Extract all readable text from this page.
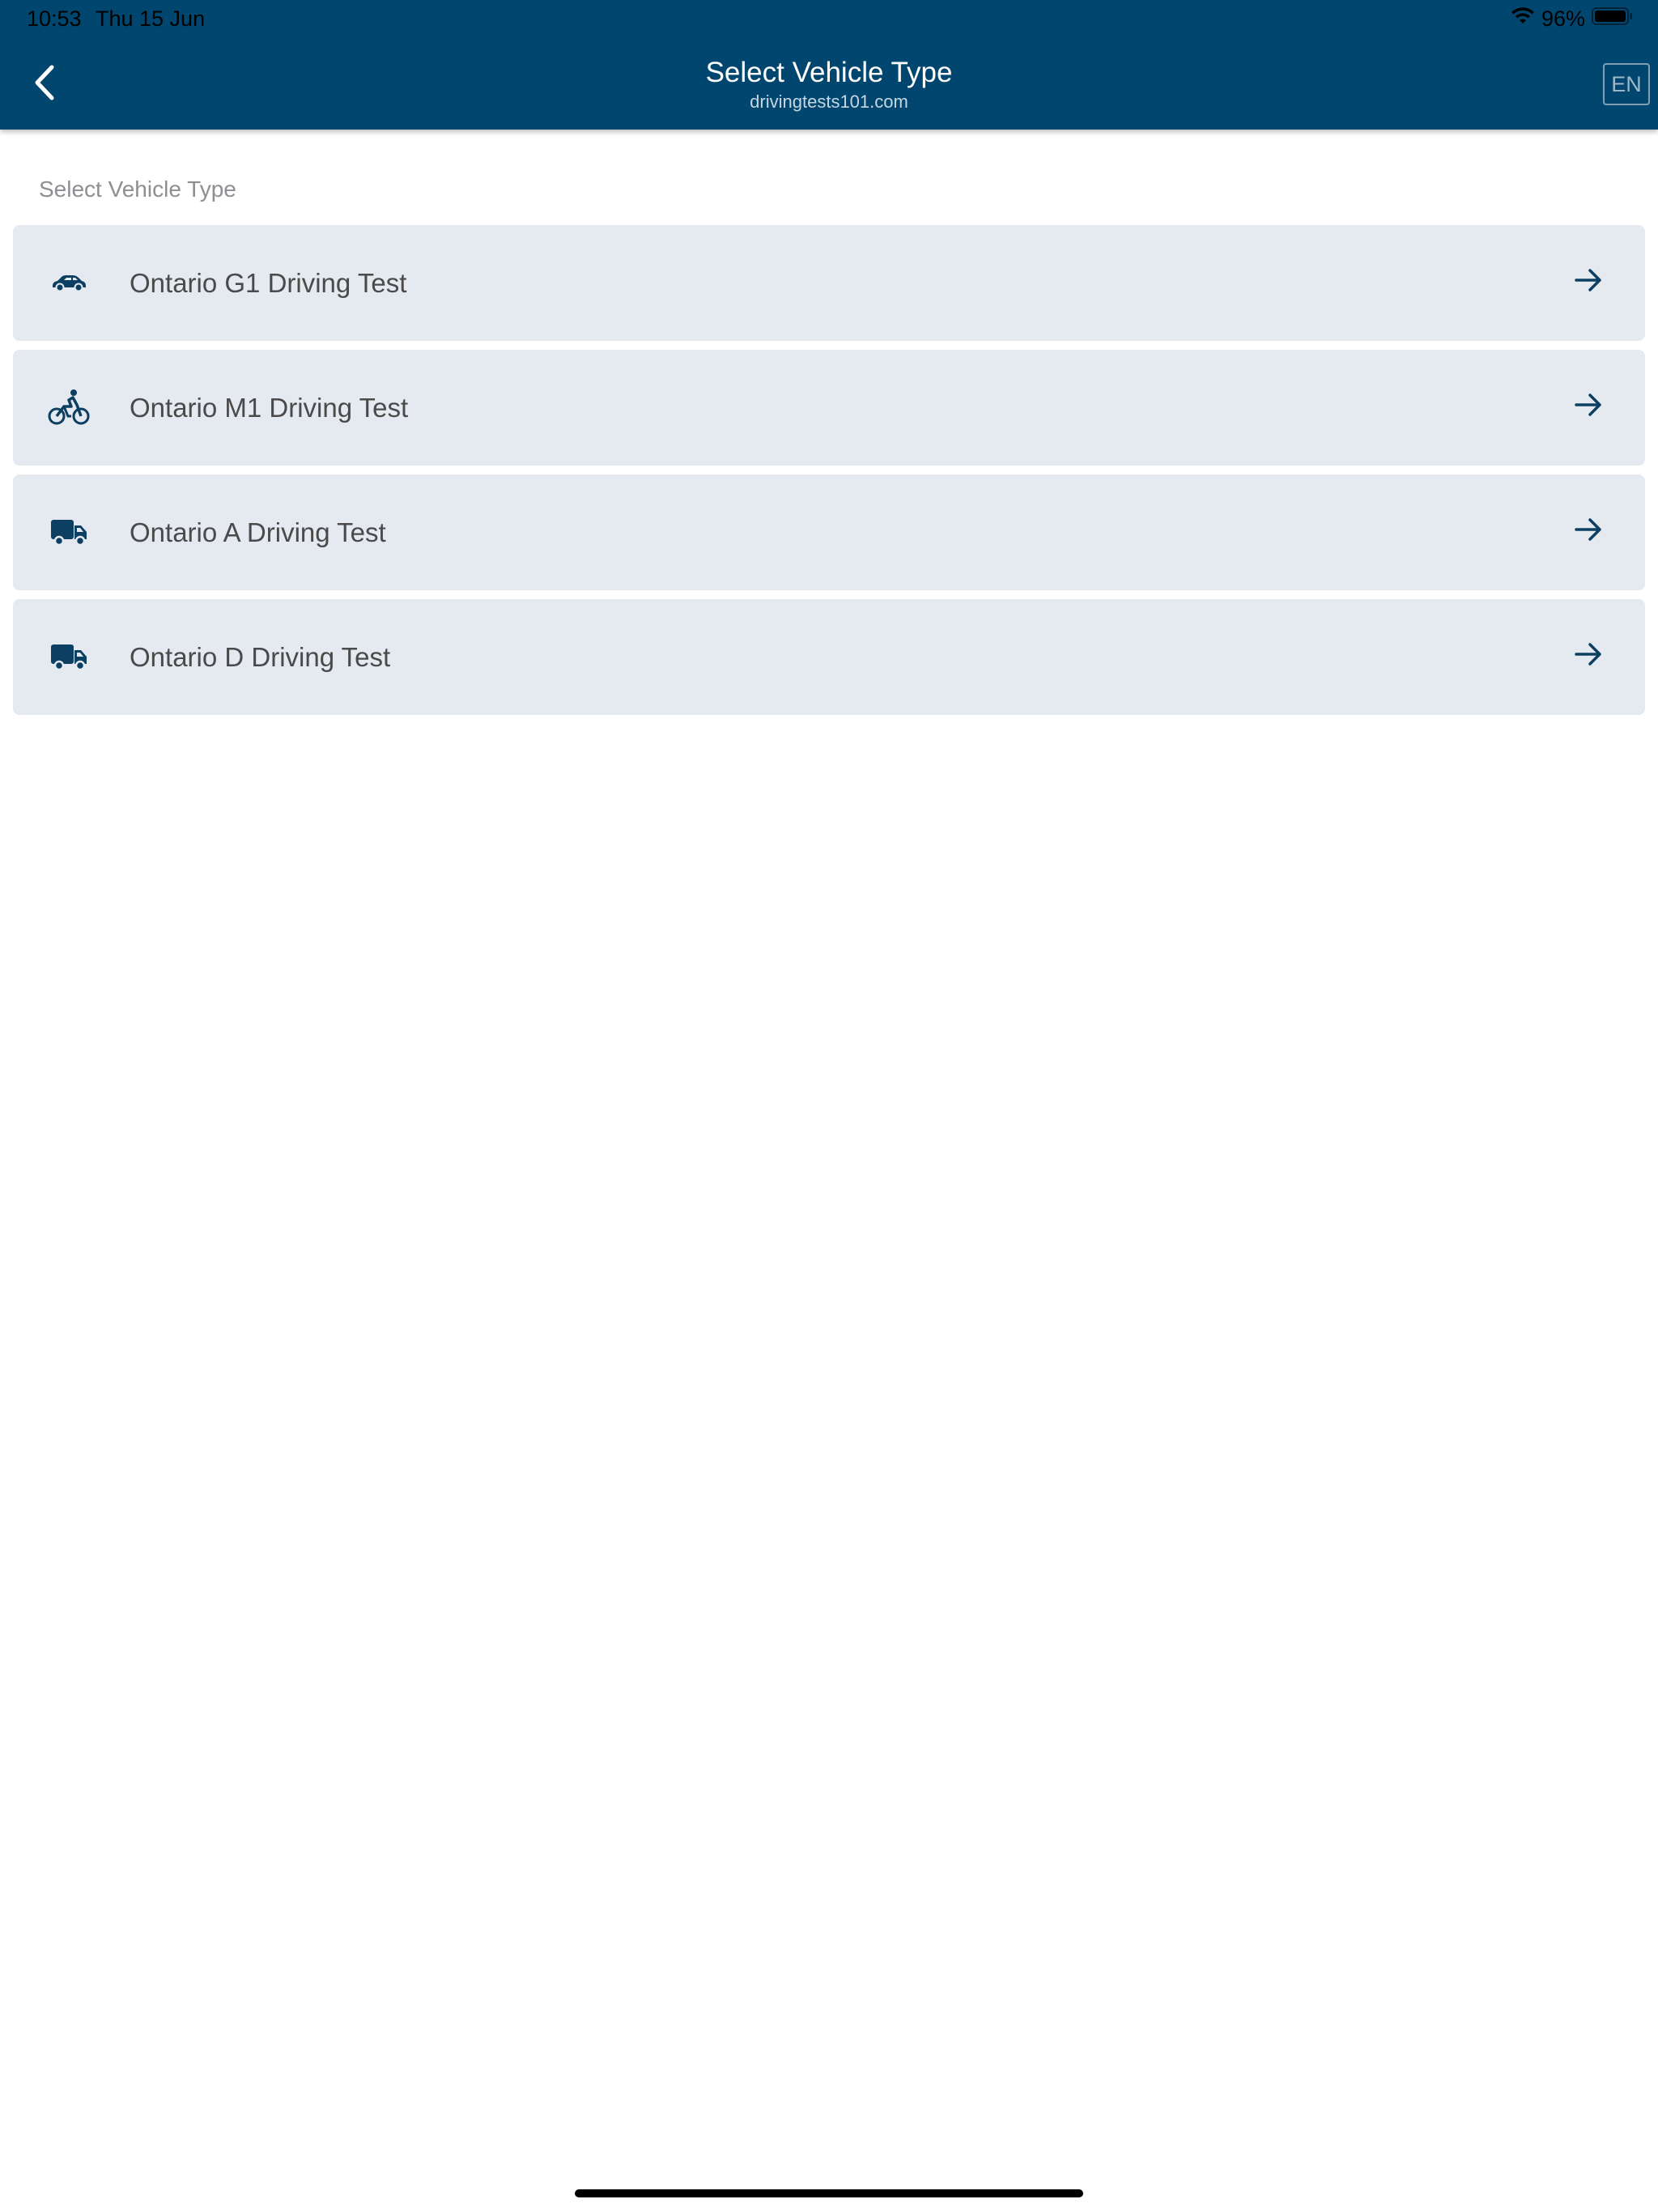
10:53 Thu 15 Jun	96%
Select Vehicle Type
drivingtests101.com
EN
Select Vehicle Type
Ontario G1 Driving Test
Ontario M1 Driving Test
Ontario A Driving Test
Ontario D Driving Test
